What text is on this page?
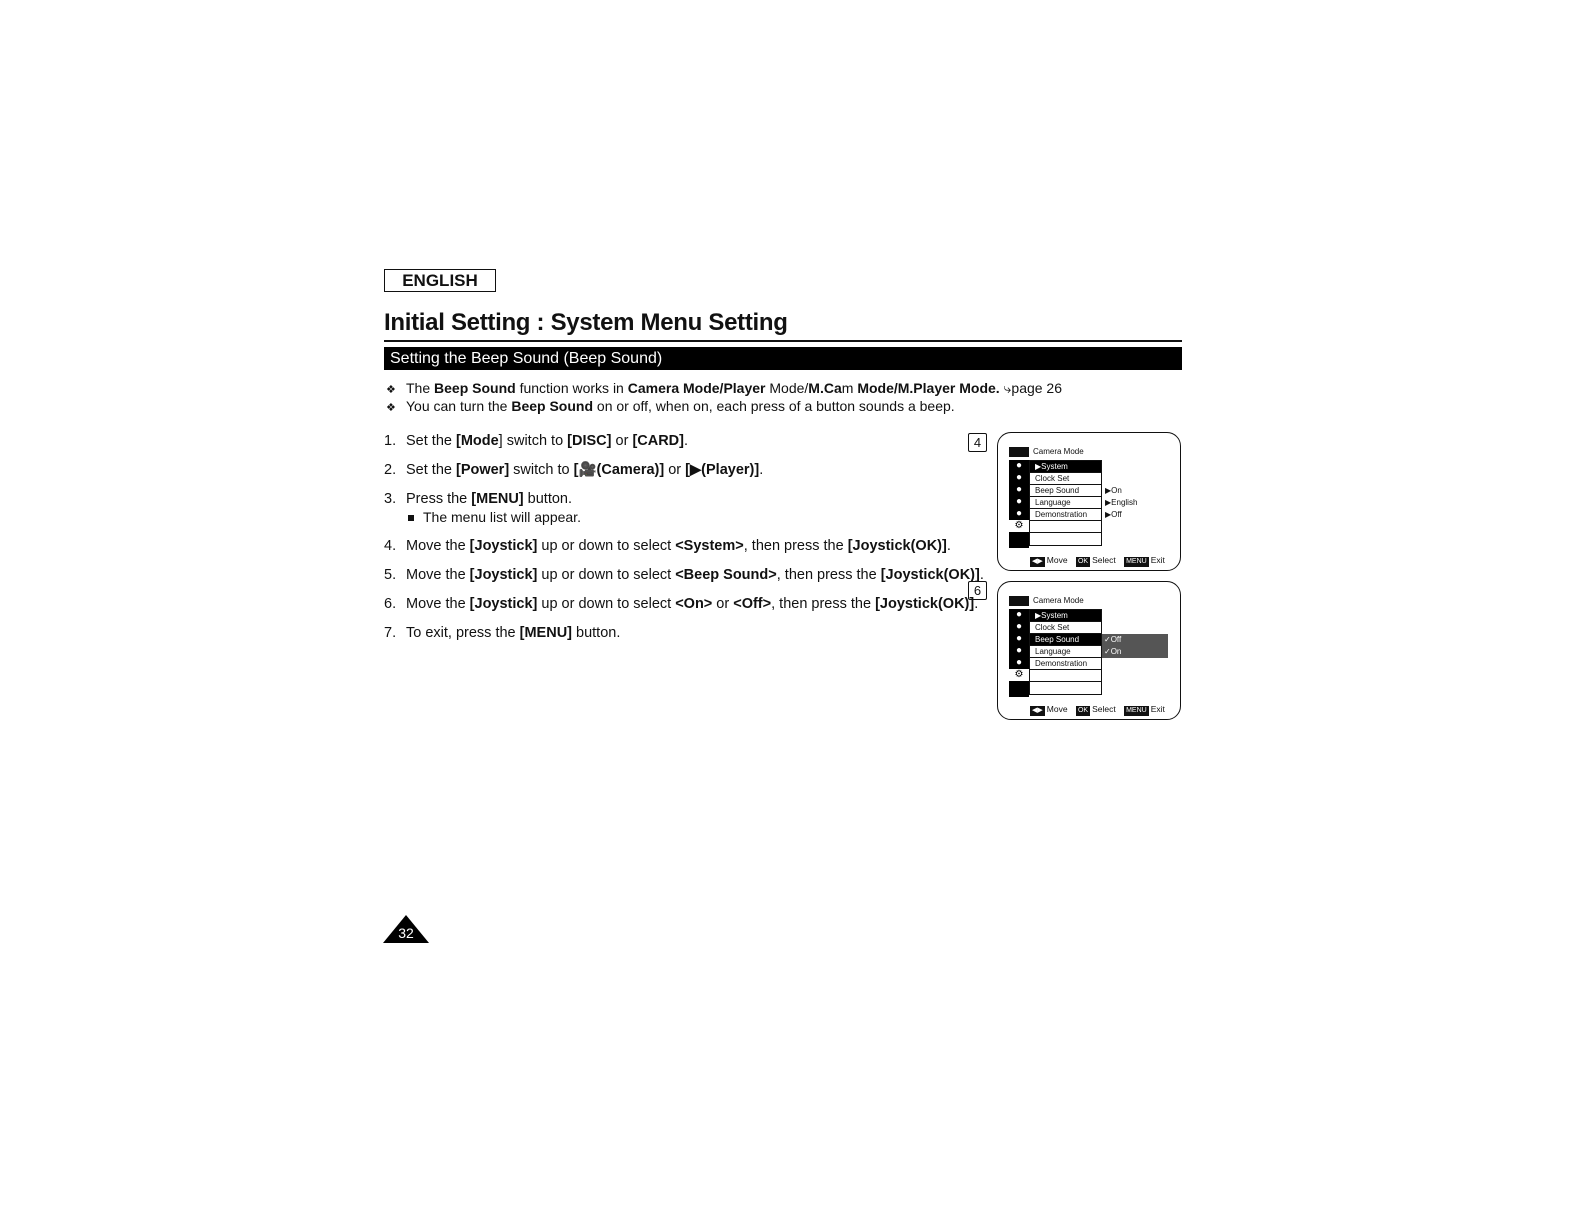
ENGLISH
Initial Setting : System Menu Setting
Setting the Beep Sound (Beep Sound)
❖ The Beep Sound function works in Camera Mode/Player Mode/M.Cam Mode/M.Player Mode. ⤷page 26
❖ You can turn the Beep Sound on or off, when on, each press of a button sounds a beep.
1. Set the [Mode] switch to [DISC] or [CARD].
2. Set the [Power] switch to [🎥(Camera)] or [▶(Player)].
3. Press the [MENU] button.
The menu list will appear.
4. Move the [Joystick] up or down to select <System>, then press the [Joystick(OK)].
5. Move the [Joystick] up or down to select <Beep Sound>, then press the [Joystick(OK)].
6. Move the [Joystick] up or down to select <On> or <Off>, then press the [Joystick(OK)].
7. To exit, press the [MENU] button.
4
Camera Mode
●
●
●
●
●
⚙
▶System
Clock Set
Beep Sound
Language
Demonstration
▶On
▶English
▶Off
◀▶ Move OK Select MENU Exit
6
Camera Mode
●
●
●
●
●
⚙
▶System
Clock Set
Beep Sound
Language
Demonstration
✓Off
✓On
◀▶ Move OK Select MENU Exit
32
